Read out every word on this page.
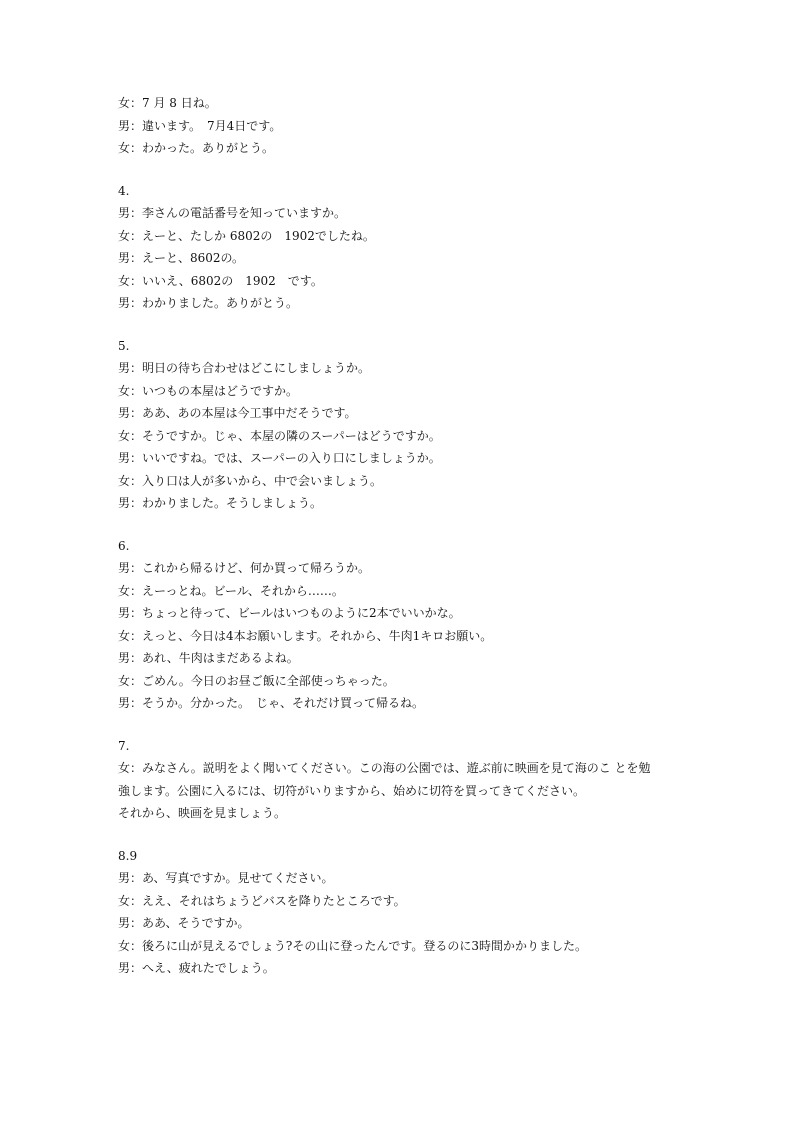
女：7 月 8 日ね。
男：違います。　7月4日です。
女：わかった。ありがとう。
4.
男：李さんの電話番号を知っていますか。
女：えーと、たしか 6802の　1902でしたね。
男：えーと、8602の。
女：いいえ、6802の　1902　です。
男：わかりました。ありがとう。
5.
男：明日の待ち合わせはどこにしましょうか。
女：いつもの本屋はどうですか。
男：ああ、あの本屋は今工事中だそうです。
女：そうですか。じゃ、本屋の隣のスーパーはどうですか。
男：いいですね。では、スーパーの入り口にしましょうか。
女：入り口は人が多いから、中で会いましょう。
男：わかりました。そうしましょう。
6.
男：これから帰るけど、何か買って帰ろうか。
女：えーっとね。ビール、それから……。
男：ちょっと待って、ビールはいつものように2本でいいかな。
女：えっと、今日は4本お願いします。それから、牛肉1キロお願い。
男：あれ、牛肉はまだあるよね。
女：ごめん。今日のお昼ご飯に全部使っちゃった。
男：そうか。分かった。　じゃ、それだけ買って帰るね。
7.
女：みなさん。説明をよく聞いてください。この海の公園では、遊ぶ前に映画を見て海のこ とを勉
強します。公園に入るには、切符がいりますから、始めに切符を買ってきてください。
それから、映画を見ましょう。
8.9
男：あ、写真ですか。見せてください。
女：ええ、それはちょうどバスを降りたところです。
男：ああ、そうですか。
女：後ろに山が見えるでしょう?その山に登ったんです。登るのに3時間かかりました。
男：へえ、疲れたでしょう。
